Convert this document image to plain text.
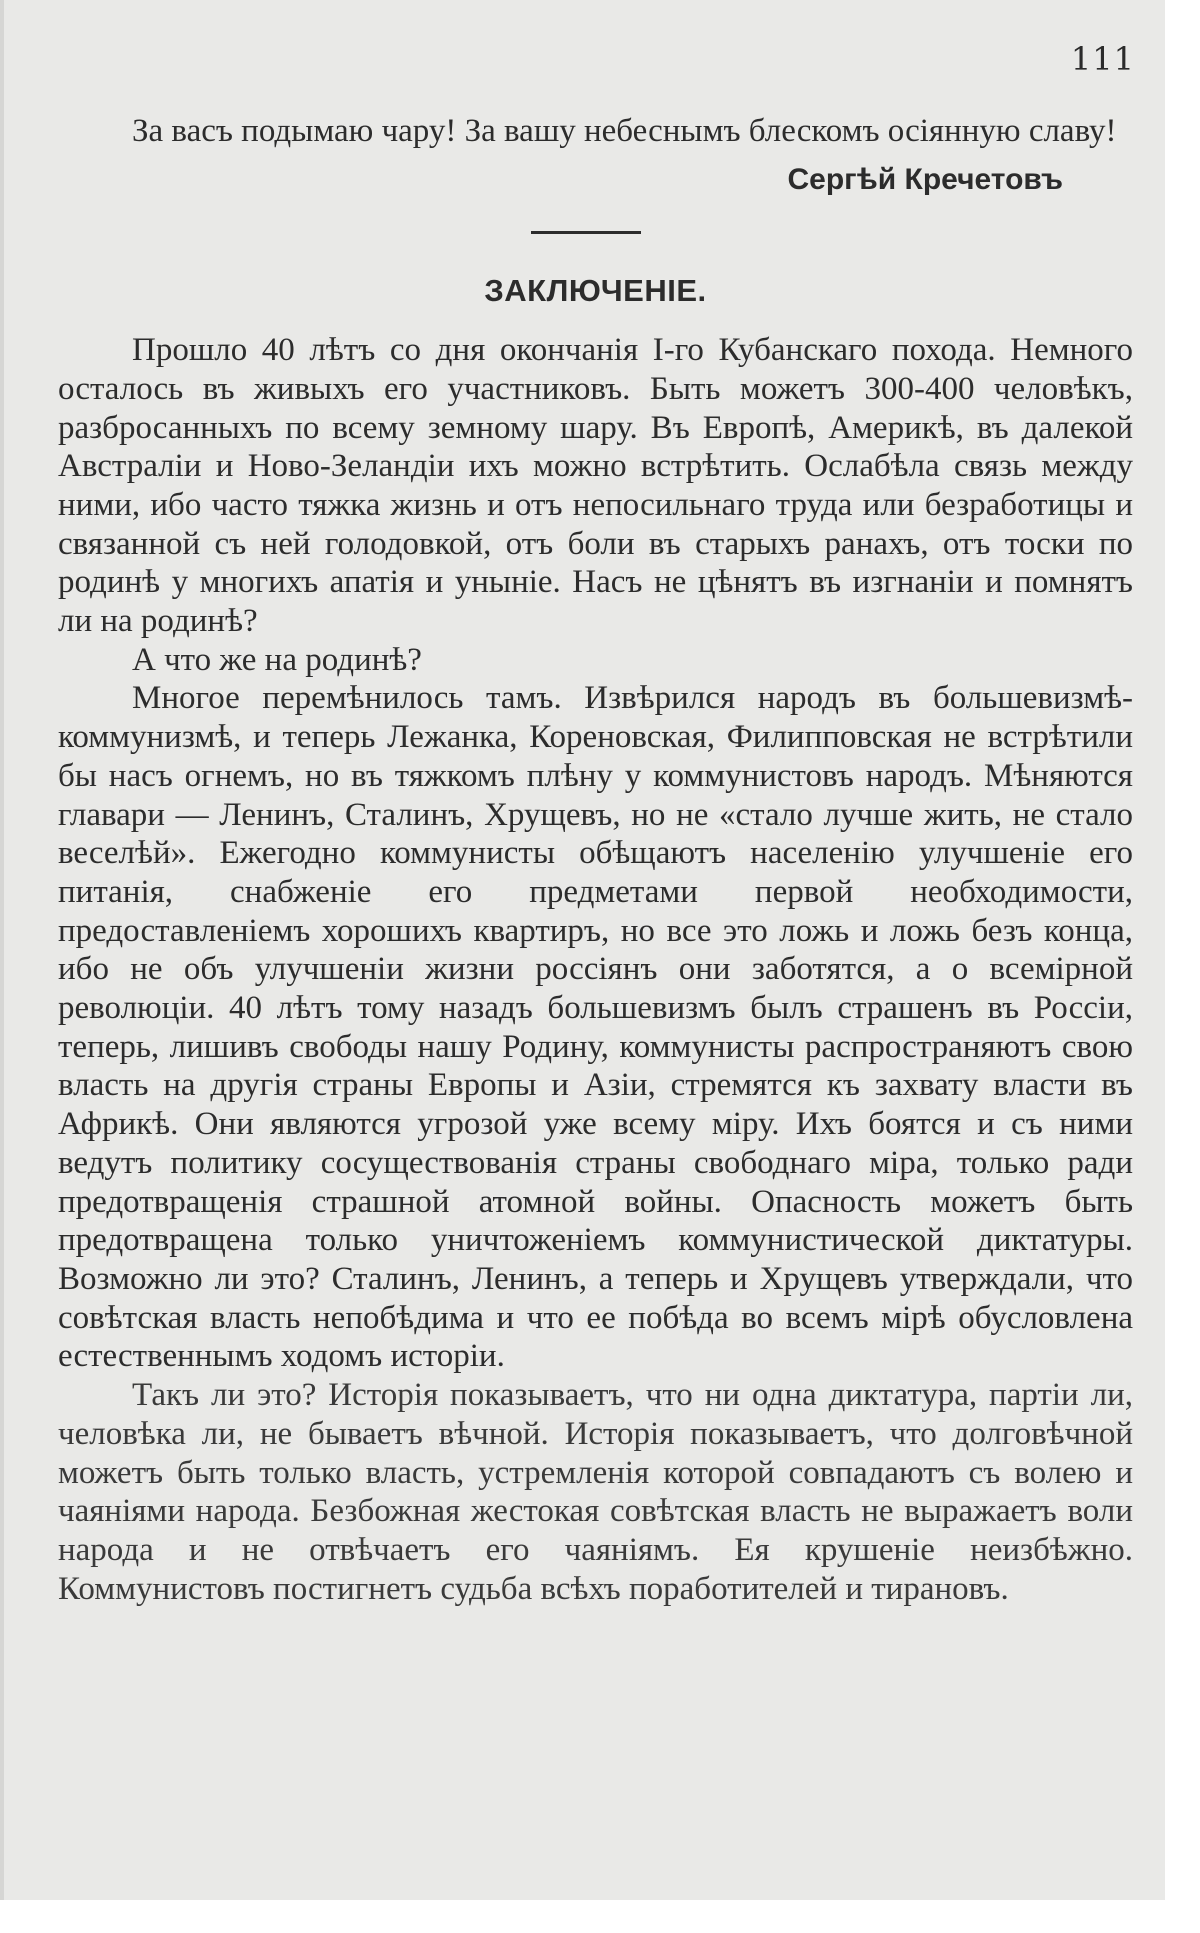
111

За васъ подымаю чару! За вашу небеснымъ блескомъ осіянную славу!

Сергѣй Кречетовъ

ЗАКЛЮЧЕНІЕ.

Прошло 40 лѣтъ со дня окончанія I-го Кубанскаго похода. Немного осталось въ живыхъ его участниковъ. Быть можетъ 300-400 человѣкъ, разбросанныхъ по всему земному шару. Въ Европѣ, Америкѣ, въ далекой Австраліи и Ново-Зеландіи ихъ можно встрѣтить. Ослабѣла связь между ними, ибо часто тяжка жизнь и отъ непосильнаго труда или безработицы и связанной съ ней голодовкой, отъ боли въ старыхъ ранахъ, отъ тоски по родинѣ у многихъ апатія и уныніе. Насъ не цѣнятъ въ изгнаніи и помнятъ ли на родинѣ?

А что же на родинѣ?

Многое перемѣнилось тамъ. Извѣрился народъ въ большевизмѣ-коммунизмѣ, и теперь Лежанка, Кореновская, Филипповская не встрѣтили бы насъ огнемъ, но въ тяжкомъ плѣну у коммунистовъ народъ. Мѣняются главари — Ленинъ, Сталинъ, Хрущевъ, но не «стало лучше жить, не стало веселѣй». Ежегодно коммунисты обѣщаютъ населенію улучшеніе его питанія, снабженіе его предметами первой необходимости, предоставленіемъ хорошихъ квартиръ, но все это ложь и ложь безъ конца, ибо не объ улучшеніи жизни россіянъ они заботятся, а о всемірной революціи. 40 лѣтъ тому назадъ большевизмъ былъ страшенъ въ Россіи, теперь, лишивъ свободы нашу Родину, коммунисты распространяютъ свою власть на другія страны Европы и Азіи, стремятся къ захвату власти въ Африкѣ. Они являются угрозой уже всему міру. Ихъ боятся и съ ними ведутъ политику сосуществованія страны свободнаго міра, только ради предотвращенія страшной атомной войны. Опасность можетъ быть предотвращена только уничтоженіемъ коммунистической диктатуры. Возможно ли это? Сталинъ, Ленинъ, а теперь и Хрущевъ утверждали, что совѣтская власть непобѣдима и что ее побѣда во всемъ мірѣ обусловлена естественнымъ ходомъ исторіи.

Такъ ли это? Исторія показываетъ, что ни одна диктатура, партіи ли, человѣка ли, не бываетъ вѣчной. Исторія показываетъ, что долговѣчной можетъ быть только власть, устремленія которой совпадаютъ съ волею и чаяніями народа. Безбожная жестокая совѣтская власть не выражаетъ воли народа и не отвѣчаетъ его чаяніямъ. Ея крушеніе неизбѣжно. Коммунистовъ постигнетъ судьба всѣхъ поработителей и тирановъ.
